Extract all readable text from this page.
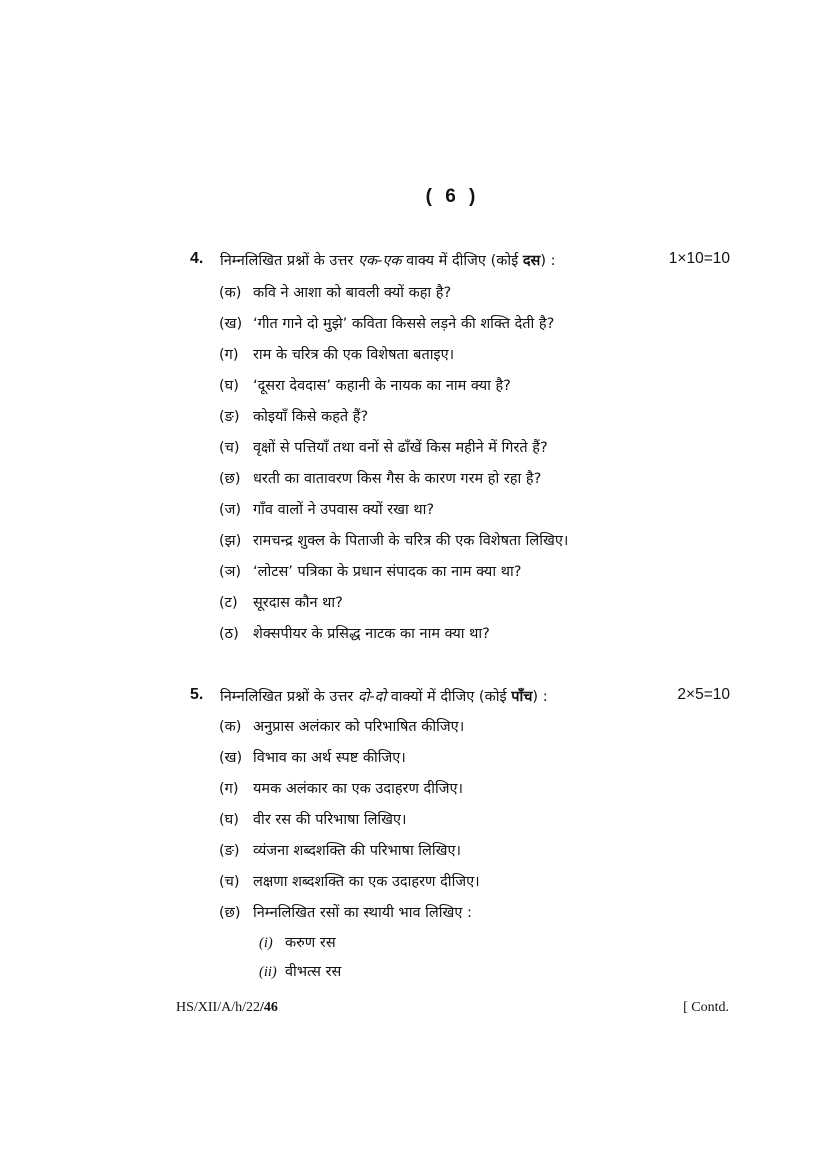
( 6 )
4. निम्नलिखित प्रश्नों के उत्तर एक-एक वाक्य में दीजिए (कोई दस) :	1×10=10
(क) कवि ने आशा को बावली क्यों कहा है?
(ख) ‘गीत गाने दो मुझे’ कविता किससे लड़ने की शक्ति देती है?
(ग) राम के चरित्र की एक विशेषता बताइए।
(घ) ‘दूसरा देवदास’ कहानी के नायक का नाम क्या है?
(ङ) कोइयाँ किसे कहते हैं?
(च) वृक्षों से पत्तियाँ तथा वनों से ढाँखें किस महीने में गिरते हैं?
(छ) धरती का वातावरण किस गैस के कारण गरम हो रहा है?
(ज) गाँव वालों ने उपवास क्यों रखा था?
(झ) रामचन्द्र शुक्ल के पिताजी के चरित्र की एक विशेषता लिखिए।
(ञ) ‘लोटस’ पत्रिका के प्रधान संपादक का नाम क्या था?
(ट) सूरदास कौन था?
(ठ) शेक्सपीयर के प्रसिद्ध नाटक का नाम क्या था?
5. निम्नलिखित प्रश्नों के उत्तर दो-दो वाक्यों में दीजिए (कोई पाँच) :	2×5=10
(क) अनुप्रास अलंकार को परिभाषित कीजिए।
(ख) विभाव का अर्थ स्पष्ट कीजिए।
(ग) यमक अलंकार का एक उदाहरण दीजिए।
(घ) वीर रस की परिभाषा लिखिए।
(ङ) व्यंजना शब्दशक्ति की परिभाषा लिखिए।
(च) लक्षणा शब्दशक्ति का एक उदाहरण दीजिए।
(छ) निम्नलिखित रसों का स्थायी भाव लिखिए :
(i) करुण रस
(ii) वीभत्स रस
HS/XII/A/h/22/46	[ Contd.
